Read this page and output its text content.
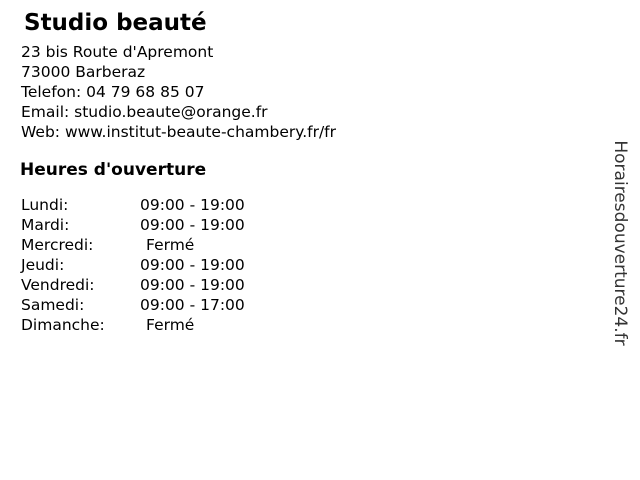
Studio beauté
23 bis Route d'Apremont
73000 Barberaz
Telefon: 04 79 68 85 07
Email: studio.beaute@orange.fr
Web: www.institut-beaute-chambery.fr/fr
Heures d'ouverture
Lundi:	09:00 - 19:00
Mardi:	09:00 - 19:00
Mercredi:	Fermé
Jeudi:	09:00 - 19:00
Vendredi:	09:00 - 19:00
Samedi:	09:00 - 17:00
Dimanche:	Fermé	Horairesdouverture24.fr
